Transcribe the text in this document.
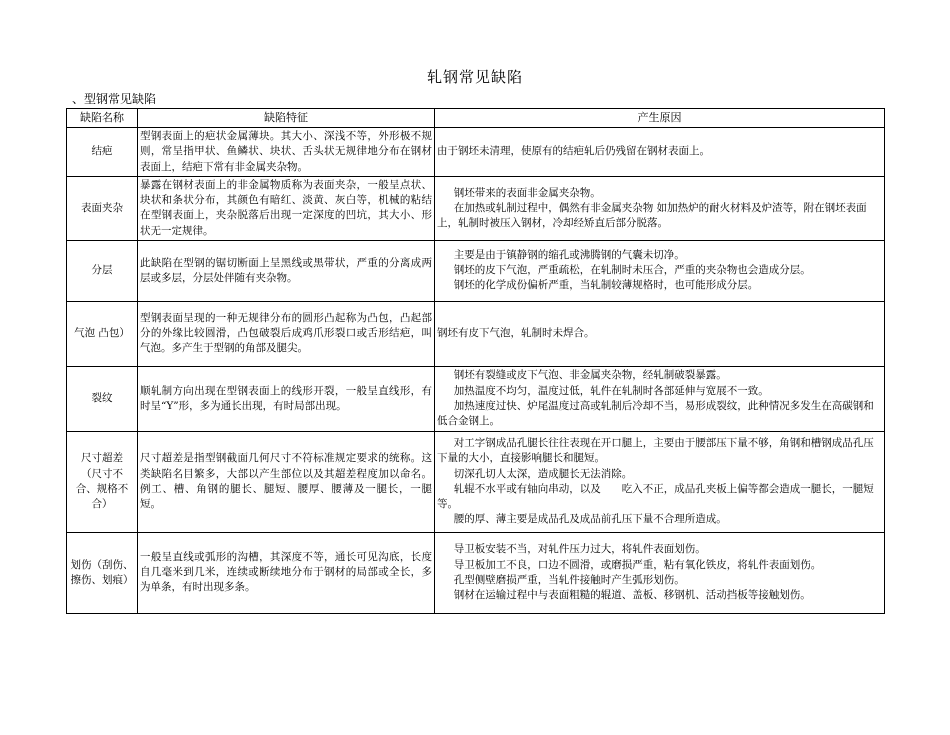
轧钢常见缺陷
、型钢常见缺陷
缺陷名称	缺陷特征	产生原因

结疤	型钢表面上的疤状金属薄块。其大小、深浅不等，外形极不规则，常呈指甲状、鱼鳞状、块状、舌头状无规律地分布在钢材表面上，结疤下常有非金属夹杂物。	由于钢坯未清理，使原有的结疤轧后仍残留在钢材表面上。

表面夹杂	暴露在钢材表面上的非金属物质称为表面夹杂，一般呈点状、块状和条状分布，其颜色有暗红、淡黄、灰白等，机械的粘结在型钢表面上，夹杂脱落后出现一定深度的凹坑，其大小、形状无一定规律。	钢坯带来的表面非金属夹杂物。
在加热或轧制过程中，偶然有非金属夹杂物 如加热炉的耐火材料及炉渣等，附在钢坯表面上，轧制时被压入钢材，冷却经矫直后部分脱落。

分层	此缺陷在型钢的锯切断面上呈黑线或黑带状，严重的分离成两层或多层，分层处伴随有夹杂物。	主要是由于镇静钢的缩孔或沸腾钢的气囊未切净。
钢坯的皮下气泡，严重疏松，在轧制时未压合，严重的夹杂物也会造成分层。
钢坯的化学成份偏析严重，当轧制较薄规格时，也可能形成分层。

气泡 凸包）	型钢表面呈现的一种无规律分布的圆形凸起称为凸包，凸起部分的外缘比较圆滑，凸包破裂后成鸡爪形裂口或舌形结疤，叫气泡。多产生于型钢的角部及腿尖。	钢坯有皮下气泡，轧制时未焊合。

裂纹	顺轧制方向出现在型钢表面上的线形开裂，一般呈直线形，有时呈“Y”形，多为通长出现，有时局部出现。	钢坯有裂缝或皮下气泡、非金属夹杂物，经轧制破裂暴露。
加热温度不均匀，温度过低，轧件在轧制时各部延伸与宽展不一致。
加热速度过快、炉尾温度过高或轧制后冷却不当，易形成裂纹，此种情况多发生在高碳钢和低合金钢上。

尺寸超差
（尺寸不
合、规格不
合）	尺寸超差是指型钢截面几何尺寸不符标准规定要求的统称。这类缺陷名目繁多，大部以产生部位以及其超差程度加以命名。例工、槽、角钢的腿长、腿短、腰厚、腰薄及一腿长，一腿短。	对工字钢成品孔腿长往往表现在开口腿上，主要由于腰部压下量不够，角钢和槽钢成品孔压下量的大小，直接影响腿长和腿短。
切深孔切人太深，造成腿长无法消除。
轧辊不水平或有轴向串动，以及　　吃入不正，成品孔夹板上偏等都会造成一腿长，一腿短等。
腰的厚、薄主要是成品孔及成品前孔压下量不合理所造成。

划伤（刮伤、
擦伤、划痕）	一般呈直线或弧形的沟槽，其深度不等，通长可见沟底，长度自几毫米到几米，连续或断续地分布于钢材的局部或全长，多为单条，有时出现多条。	导卫板安装不当，对轧件压力过大，将轧件表面划伤。
导卫板加工不良，口边不圆滑，或磨损严重，粘有氧化铁皮，将轧件表面划伤。
孔型侧壁磨损严重，当轧件接触时产生弧形划伤。
钢材在运输过程中与表面粗糙的辊道、盖板、移钢机、活动挡板等接触划伤。
